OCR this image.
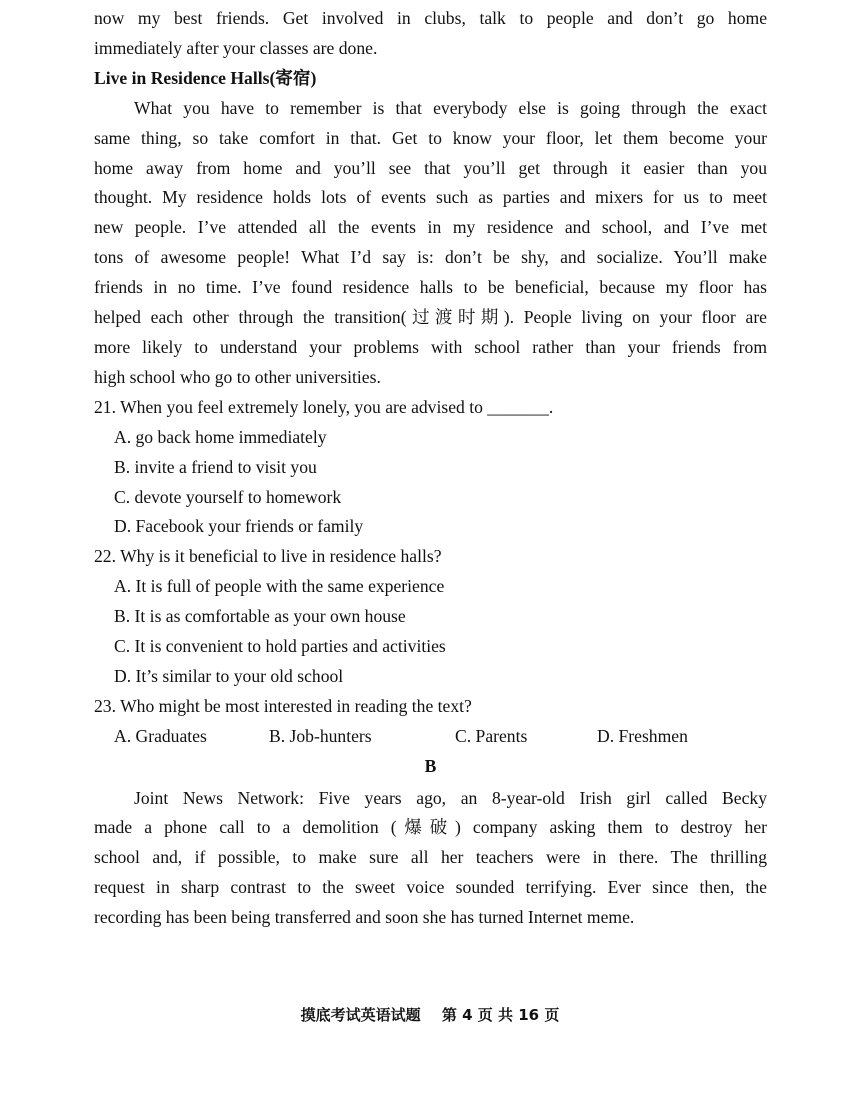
now my best friends. Get involved in clubs, talk to people and don’t go home
immediately after your classes are done.
Live in Residence Halls(寄宿)
What you have to remember is that everybody else is going through the exact
same thing, so take comfort in that. Get to know your floor, let them become your
home away from home and you’ll see that you’ll get through it easier than you
thought. My residence holds lots of events such as parties and mixers for us to meet
new people. I’ve attended all the events in my residence and school, and I’ve met
tons of awesome people! What I’d say is: don’t be shy, and socialize. You’ll make
friends in no time. I’ve found residence halls to be beneficial, because my floor has
helped each other through the transition(过渡时期). People living on your floor are
more likely to understand your problems with school rather than your friends from
high school who go to other universities.
21. When you feel extremely lonely, you are advised to _______.
A. go back home immediately
B. invite a friend to visit you
C. devote yourself to homework
D. Facebook your friends or family
22. Why is it beneficial to live in residence halls?
A. It is full of people with the same experience
B. It is as comfortable as your own house
C. It is convenient to hold parties and activities
D. It’s similar to your old school
23. Who might be most interested in reading the text?
A. Graduates	B. Job-hunters	C. Parents	D. Freshmen
B
Joint News Network: Five years ago, an 8-year-old Irish girl called Becky
made a phone call to a demolition (爆破) company asking them to destroy her
school and, if possible, to make sure all her teachers were in there. The thrilling
request in sharp contrast to the sweet voice sounded terrifying. Ever since then, the
recording has been being transferred and soon she has turned Internet meme.
摸底考试英语试题 第 4 页 共 16 页
